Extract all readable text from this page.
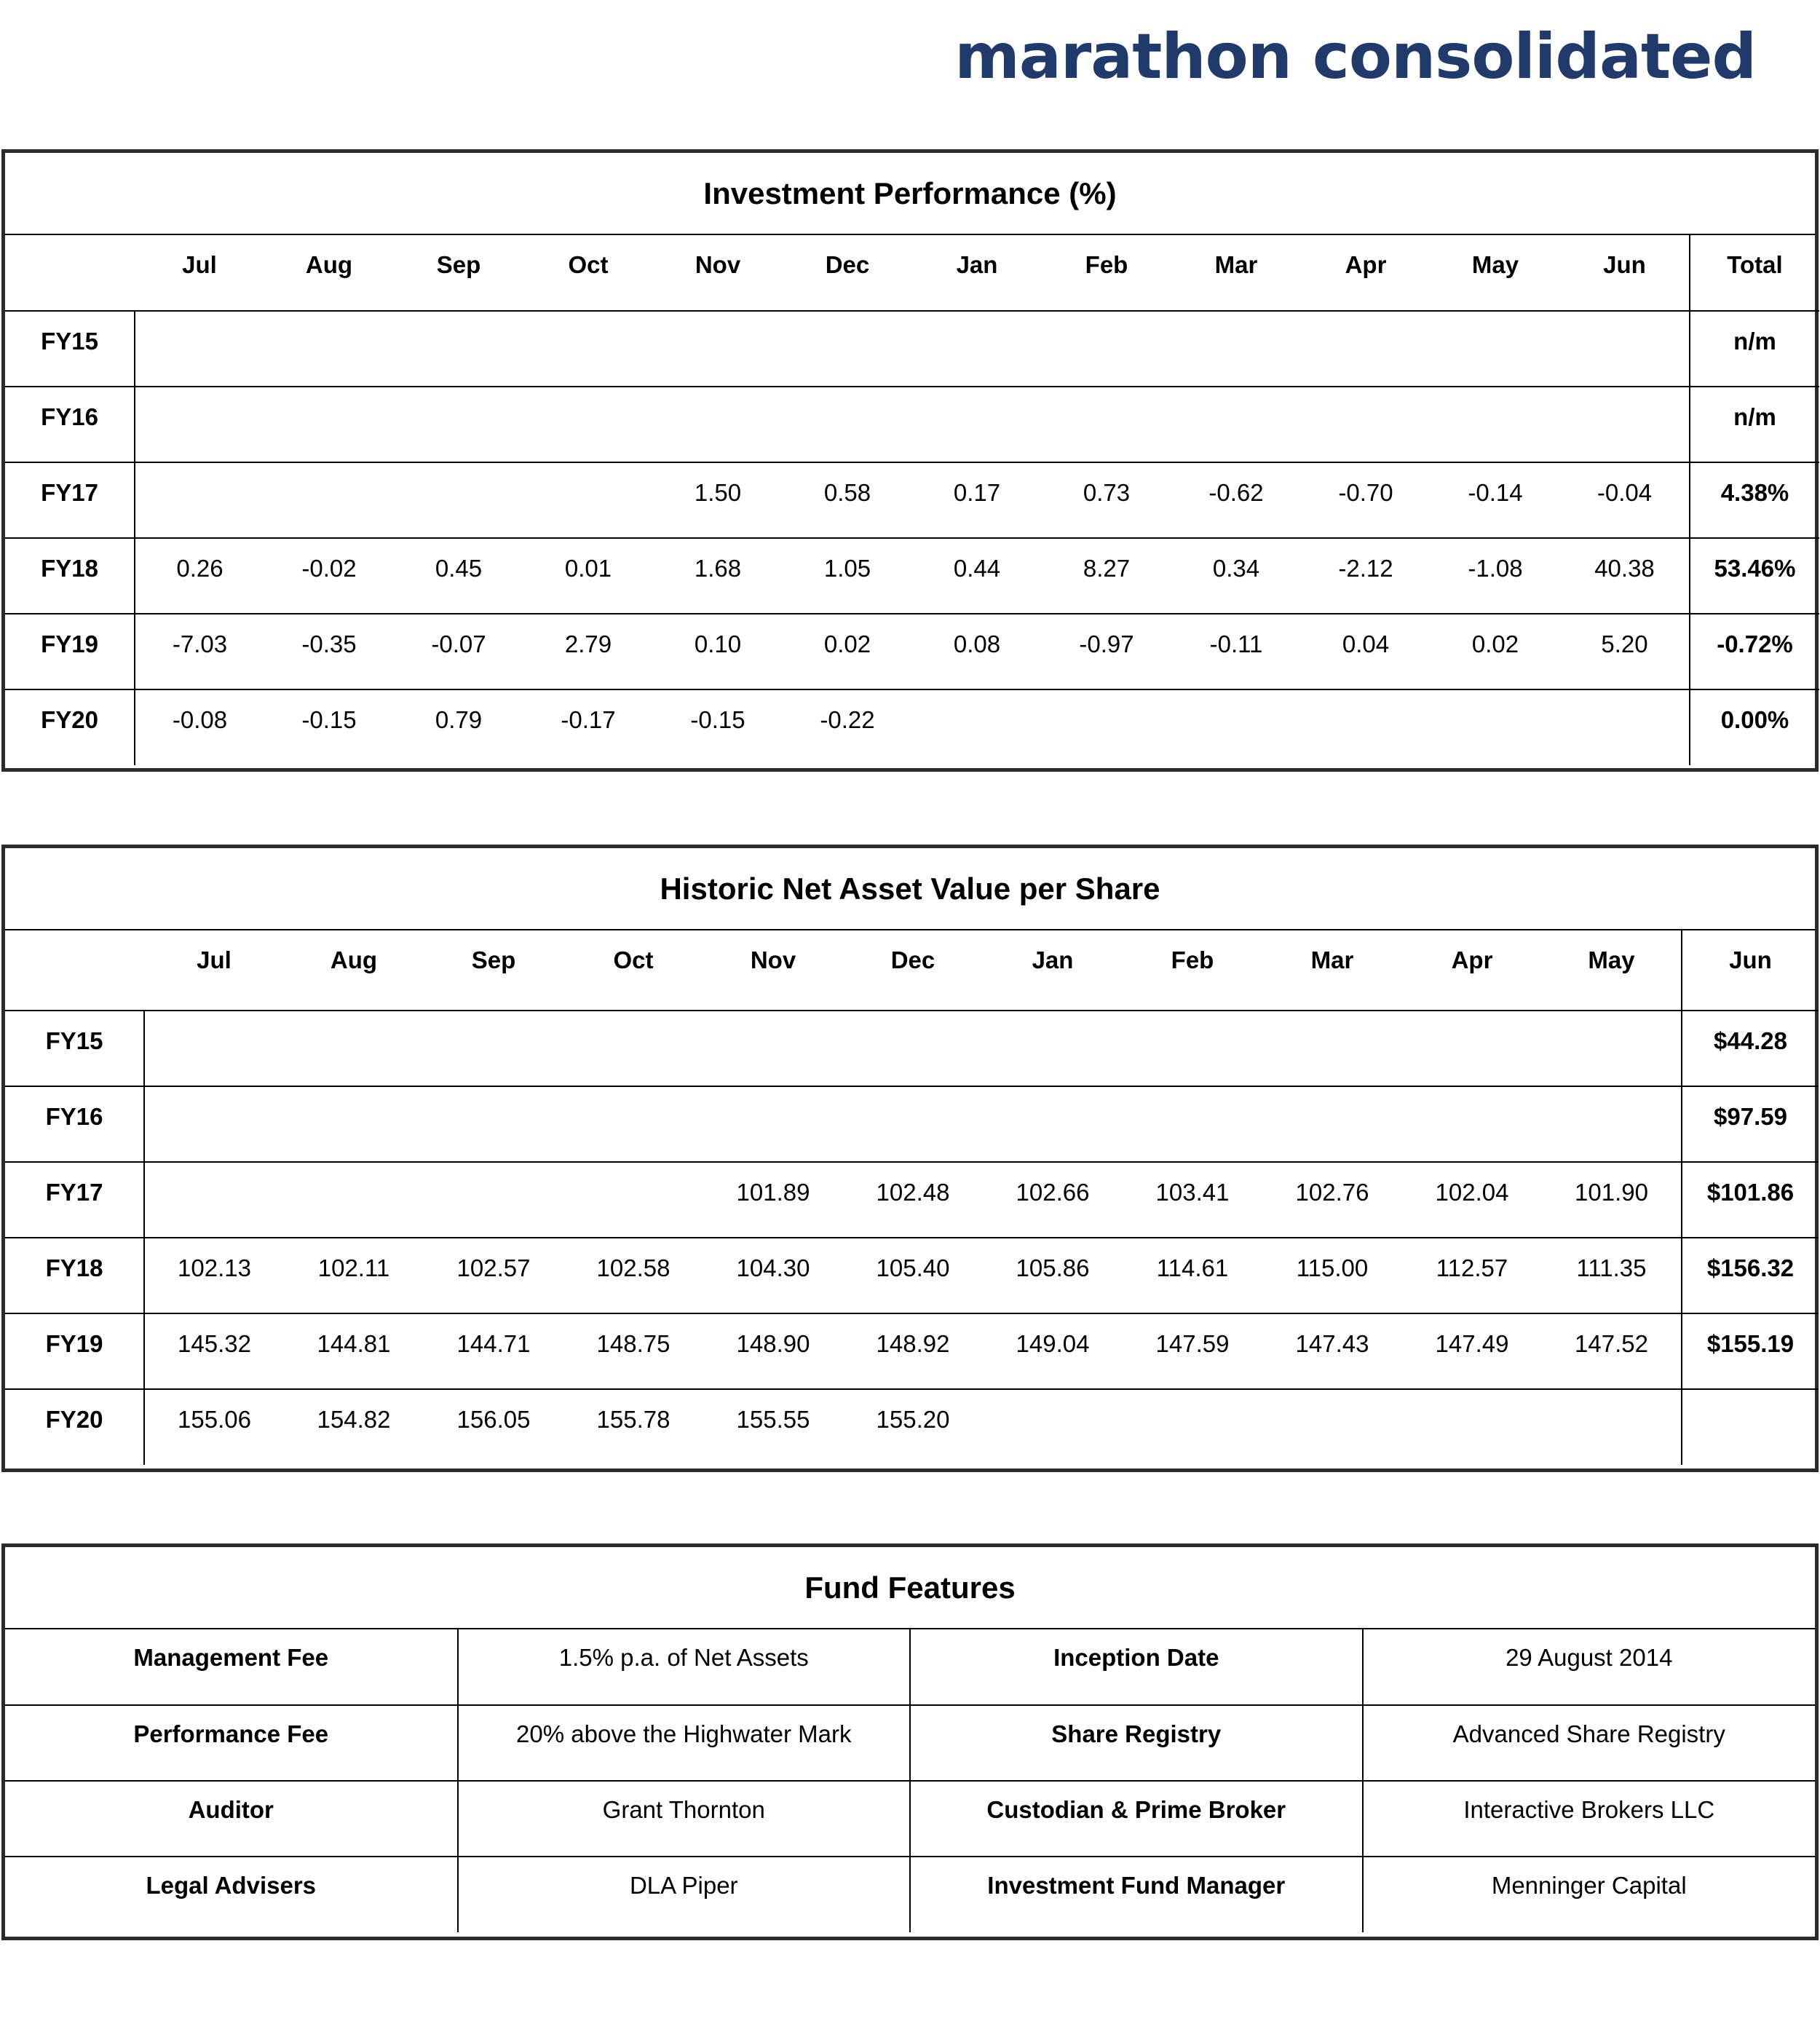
marathon consolidated
Investment Performance (%)
	Jul	Aug	Sep	Oct	Nov	Dec	Jan	Feb	Mar	Apr	May	Jun	Total
FY15													n/m
FY16													n/m
FY17					1.50	0.58	0.17	0.73	-0.62	-0.70	-0.14	-0.04	4.38%
FY18	0.26	-0.02	0.45	0.01	1.68	1.05	0.44	8.27	0.34	-2.12	-1.08	40.38	53.46%
FY19	-7.03	-0.35	-0.07	2.79	0.10	0.02	0.08	-0.97	-0.11	0.04	0.02	5.20	-0.72%
FY20	-0.08	-0.15	0.79	-0.17	-0.15	-0.22							0.00%
Historic Net Asset Value per Share
	Jul	Aug	Sep	Oct	Nov	Dec	Jan	Feb	Mar	Apr	May	Jun
FY15												$44.28
FY16												$97.59
FY17					101.89	102.48	102.66	103.41	102.76	102.04	101.90	$101.86
FY18	102.13	102.11	102.57	102.58	104.30	105.40	105.86	114.61	115.00	112.57	111.35	$156.32
FY19	145.32	144.81	144.71	148.75	148.90	148.92	149.04	147.59	147.43	147.49	147.52	$155.19
FY20	155.06	154.82	156.05	155.78	155.55	155.20						
Fund Features
Management Fee	1.5% p.a. of Net Assets	Inception Date	29 August 2014
Performance Fee	20% above the Highwater Mark	Share Registry	Advanced Share Registry
Auditor	Grant Thornton	Custodian & Prime Broker	Interactive Brokers LLC
Legal Advisers	DLA Piper	Investment Fund Manager	Menninger Capital
